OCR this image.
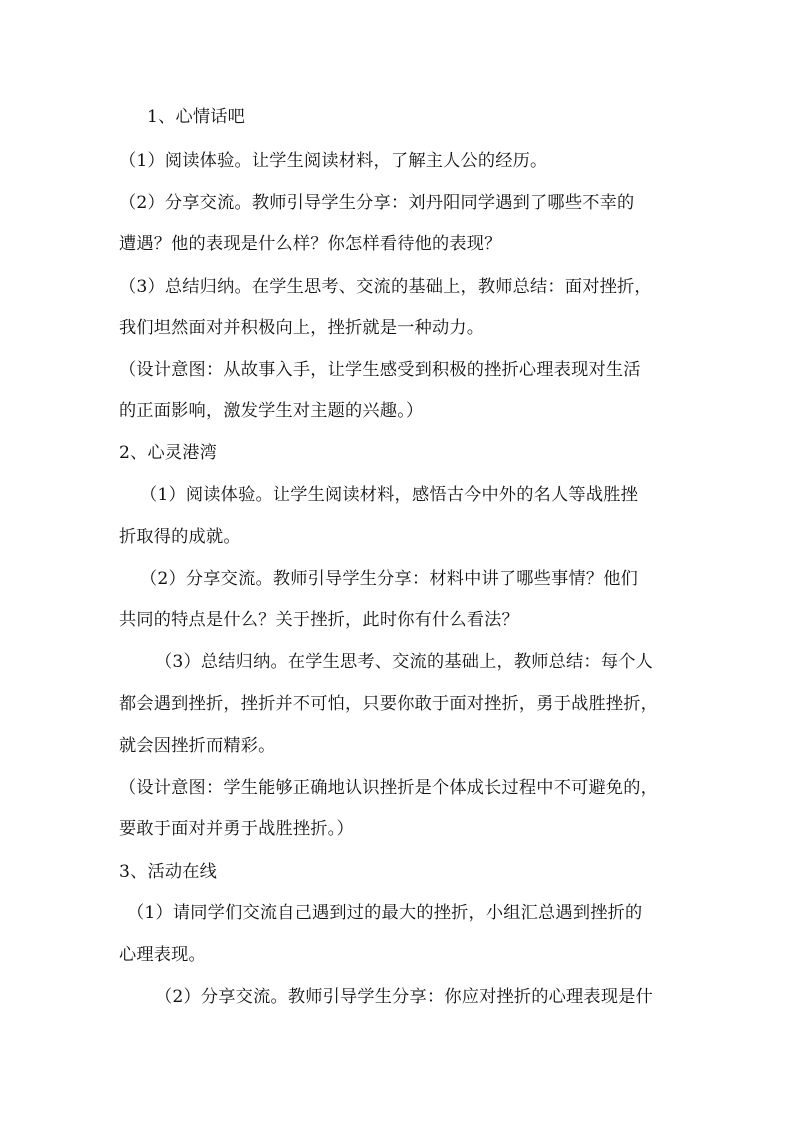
1、心情话吧

（1）阅读体验。让学生阅读材料，了解主人公的经历。

（2）分享交流。教师引导学生分享：刘丹阳同学遇到了哪些不幸的

遭遇？他的表现是什么样？你怎样看待他的表现？

（3）总结归纳。在学生思考、交流的基础上，教师总结：面对挫折，

我们坦然面对并积极向上，挫折就是一种动力。

（设计意图：从故事入手，让学生感受到积极的挫折心理表现对生活

的正面影响，激发学生对主题的兴趣。）

2、心灵港湾

（1）阅读体验。让学生阅读材料，感悟古今中外的名人等战胜挫

折取得的成就。

（2）分享交流。教师引导学生分享：材料中讲了哪些事情？他们

共同的特点是什么？关于挫折，此时你有什么看法？

（3）总结归纳。在学生思考、交流的基础上，教师总结：每个人

都会遇到挫折，挫折并不可怕，只要你敢于面对挫折，勇于战胜挫折，

就会因挫折而精彩。

（设计意图：学生能够正确地认识挫折是个体成长过程中不可避免的，

要敢于面对并勇于战胜挫折。）

3、活动在线

（1）请同学们交流自己遇到过的最大的挫折，小组汇总遇到挫折的

心理表现。

（2）分享交流。教师引导学生分享：你应对挫折的心理表现是什
